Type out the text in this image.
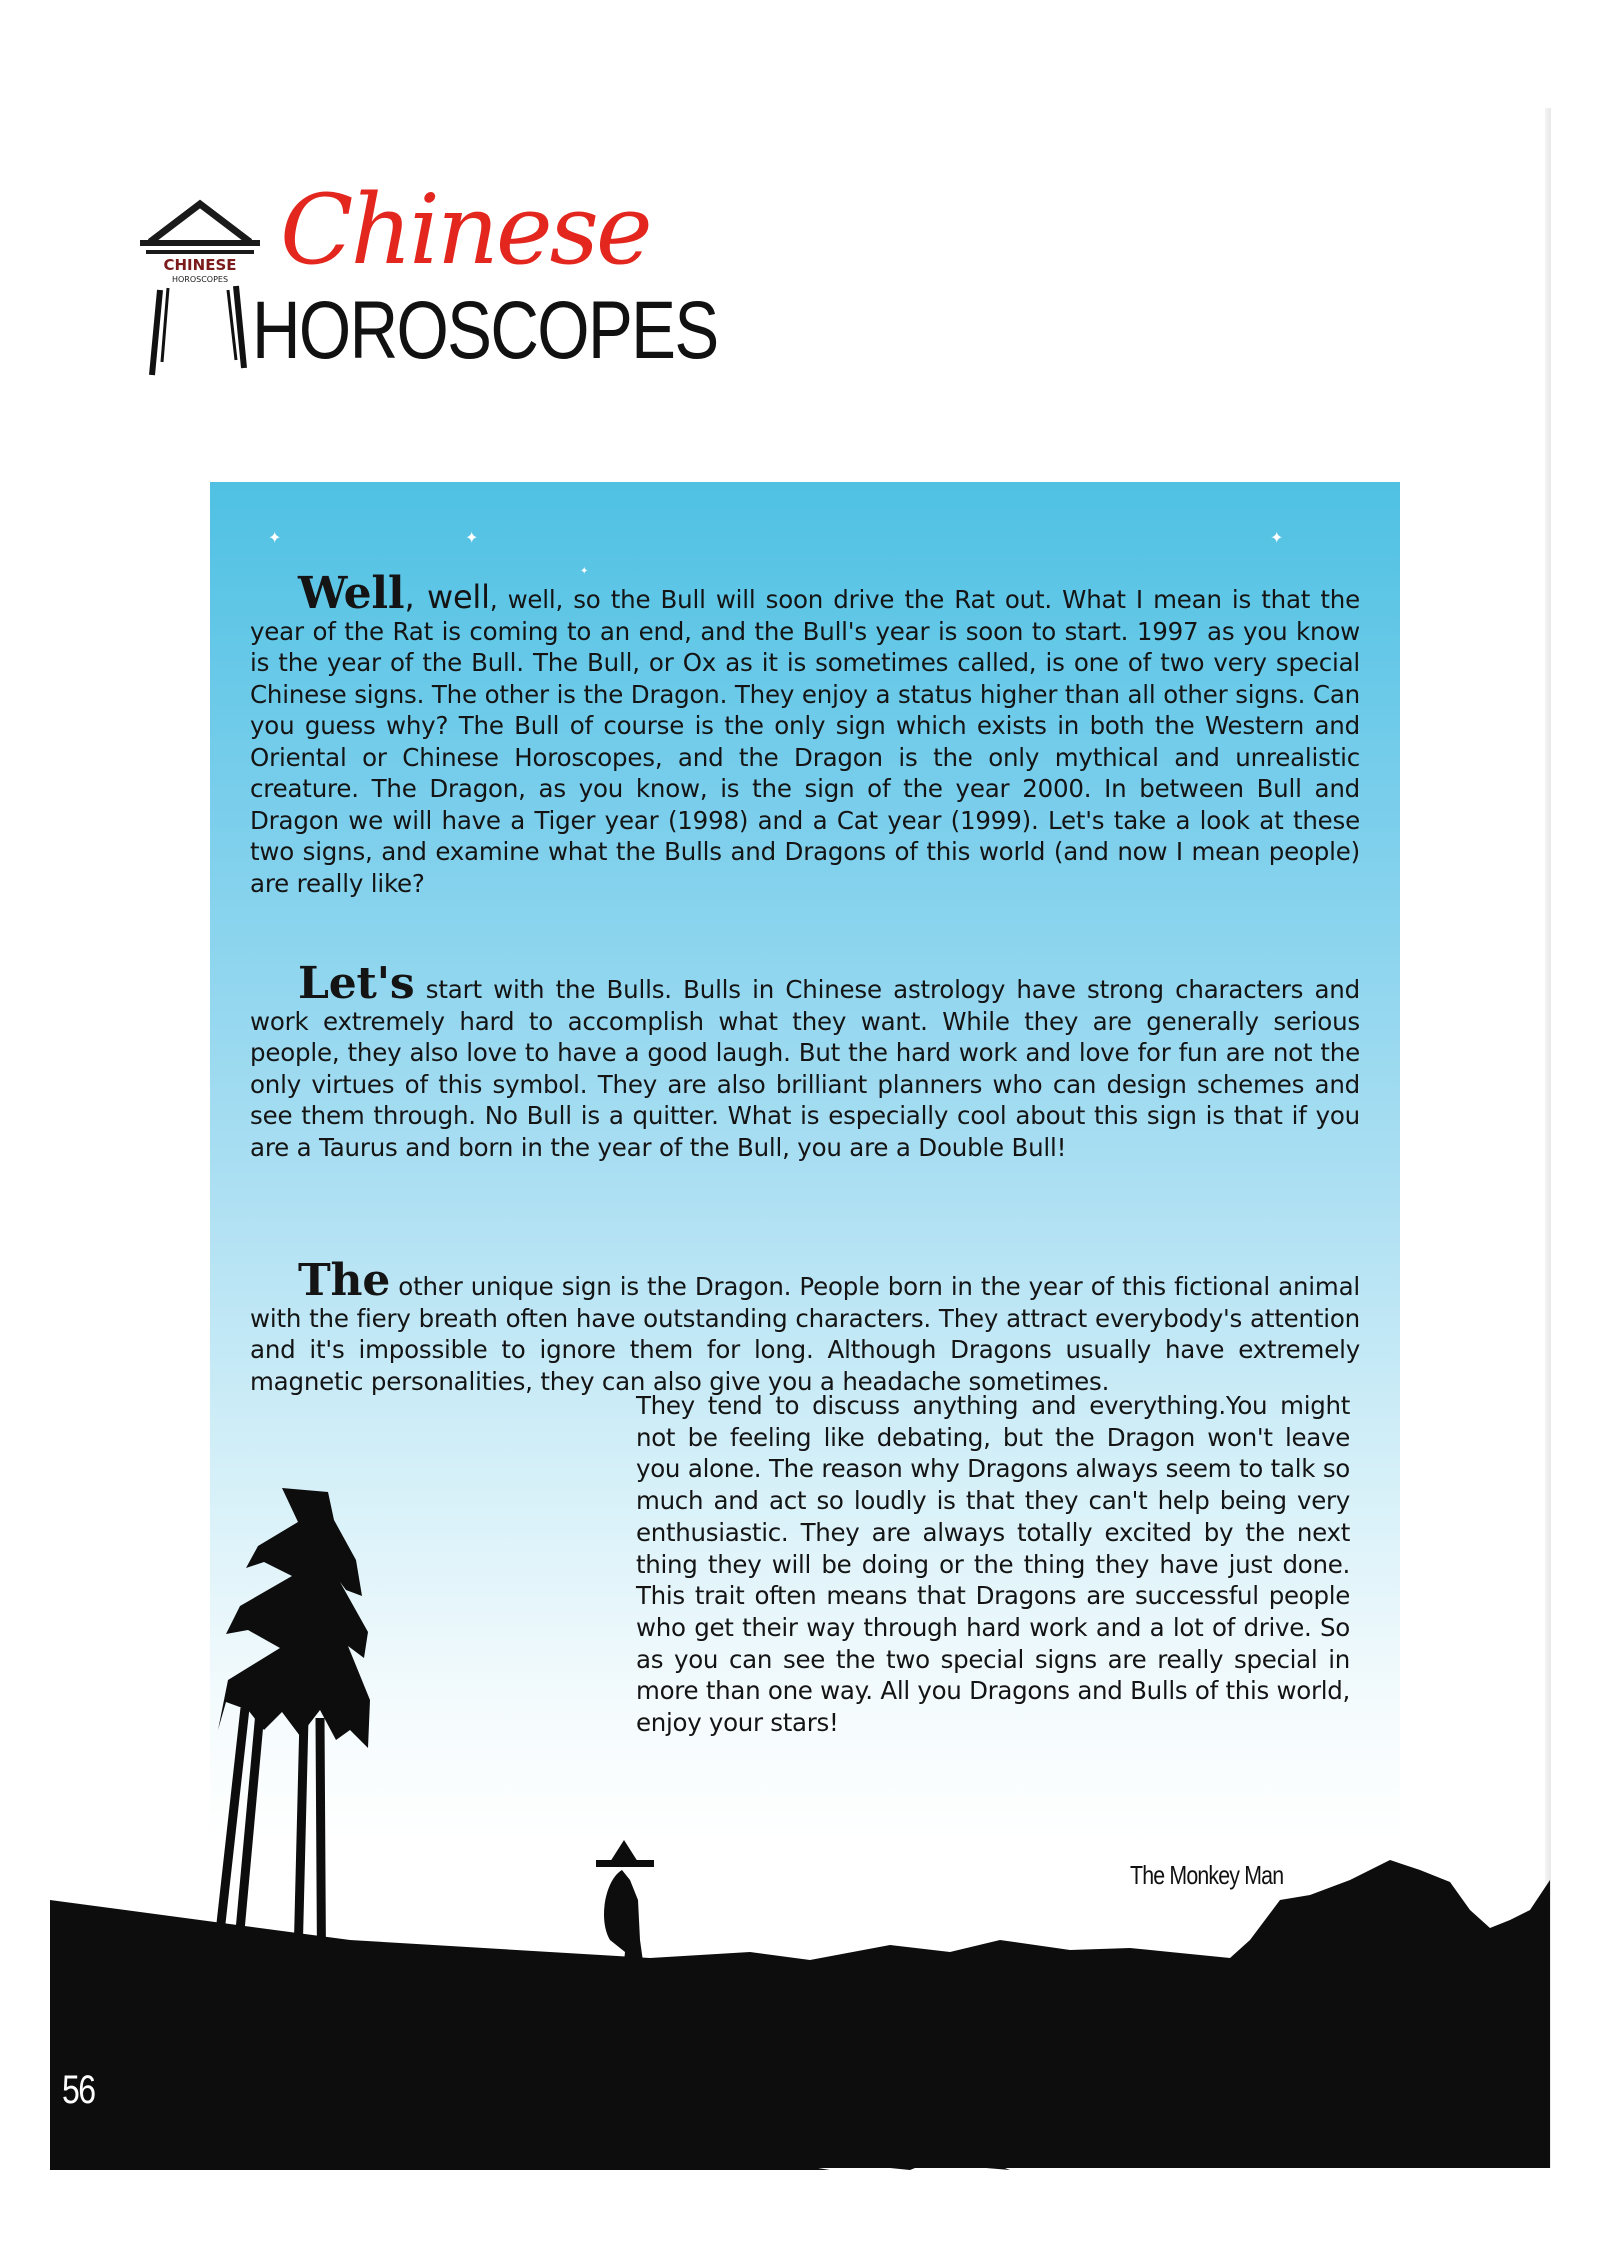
CHINESE
HOROSCOPES Chinese
HOROSCOPES
✦	✦	✦
✦
Well, well, well, so the Bull will soon drive the Rat out. What I mean is that the year of the Rat is coming to an end, and the Bull's year is soon to start. 1997 as you know is the year of the Bull. The Bull, or Ox as it is sometimes called, is one of two very special Chinese signs. The other is the Dragon. They enjoy a status higher than all other signs. Can you guess why? The Bull of course is the only sign which exists in both the Western and Oriental or Chinese Horoscopes, and the Dragon is the only mythical and unrealistic creature. The Dragon, as you know, is the sign of the year 2000. In between Bull and Dragon we will have a Tiger year (1998) and a Cat year (1999). Let's take a look at these two signs, and examine what the Bulls and Dragons of this world (and now I mean people) are really like?
Let's start with the Bulls. Bulls in Chinese astrology have strong characters and work extremely hard to accomplish what they want. While they are generally serious people, they also love to have a good laugh. But the hard work and love for fun are not the only virtues of this symbol. They are also brilliant planners who can design schemes and see them through. No Bull is a quitter. What is especially cool about this sign is that if you are a Taurus and born in the year of the Bull, you are a Double Bull!
The other unique sign is the Dragon. People born in the year of this fictional animal with the fiery breath often have outstanding characters. They attract everybody's attention and it's impossible to ignore them for long. Although Dragons usually have extremely magnetic personalities, they can also give you a headache sometimes.
They tend to discuss anything and everything.You might not be feeling like debating, but the Dragon won't leave you alone. The reason why Dragons always seem to talk so much and act so loudly is that they can't help being very enthusiastic. They are always totally excited by the next thing they will be doing or the thing they have just done. This trait often means that Dragons are successful people who get their way through hard work and a lot of drive. So as you can see the two special signs are really special in more than one way. All you Dragons and Bulls of this world, enjoy your stars!
The Monkey Man
56
